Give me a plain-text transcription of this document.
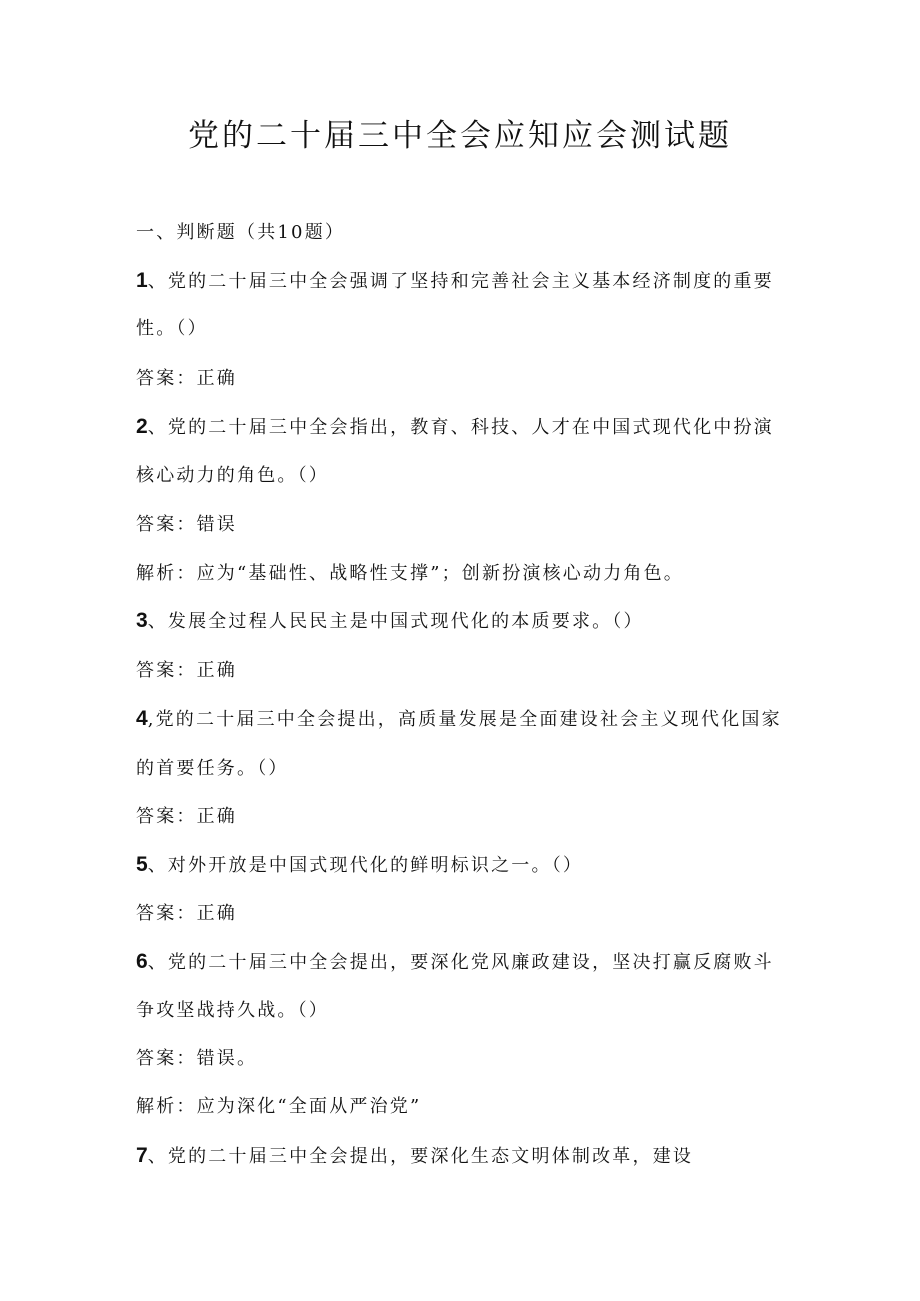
党的二十届三中全会应知应会测试题
一、判断题（共10题）
1、党的二十届三中全会强调了坚持和完善社会主义基本经济制度的重要
性。（）
答案：正确
2、党的二十届三中全会指出，教育、科技、人才在中国式现代化中扮演
核心动力的角色。（）
答案：错误
解析：应为“基础性、战略性支撑”；创新扮演核心动力角色。
3、发展全过程人民民主是中国式现代化的本质要求。（）
答案：正确
4,党的二十届三中全会提出，高质量发展是全面建设社会主义现代化国家
的首要任务。（）
答案：正确
5、对外开放是中国式现代化的鲜明标识之一。（）
答案：正确
6、党的二十届三中全会提出，要深化党风廉政建设，坚决打赢反腐败斗
争攻坚战持久战。（）
答案：错误。
解析：应为深化“全面从严治党”
7、党的二十届三中全会提出，要深化生态文明体制改革，建设
